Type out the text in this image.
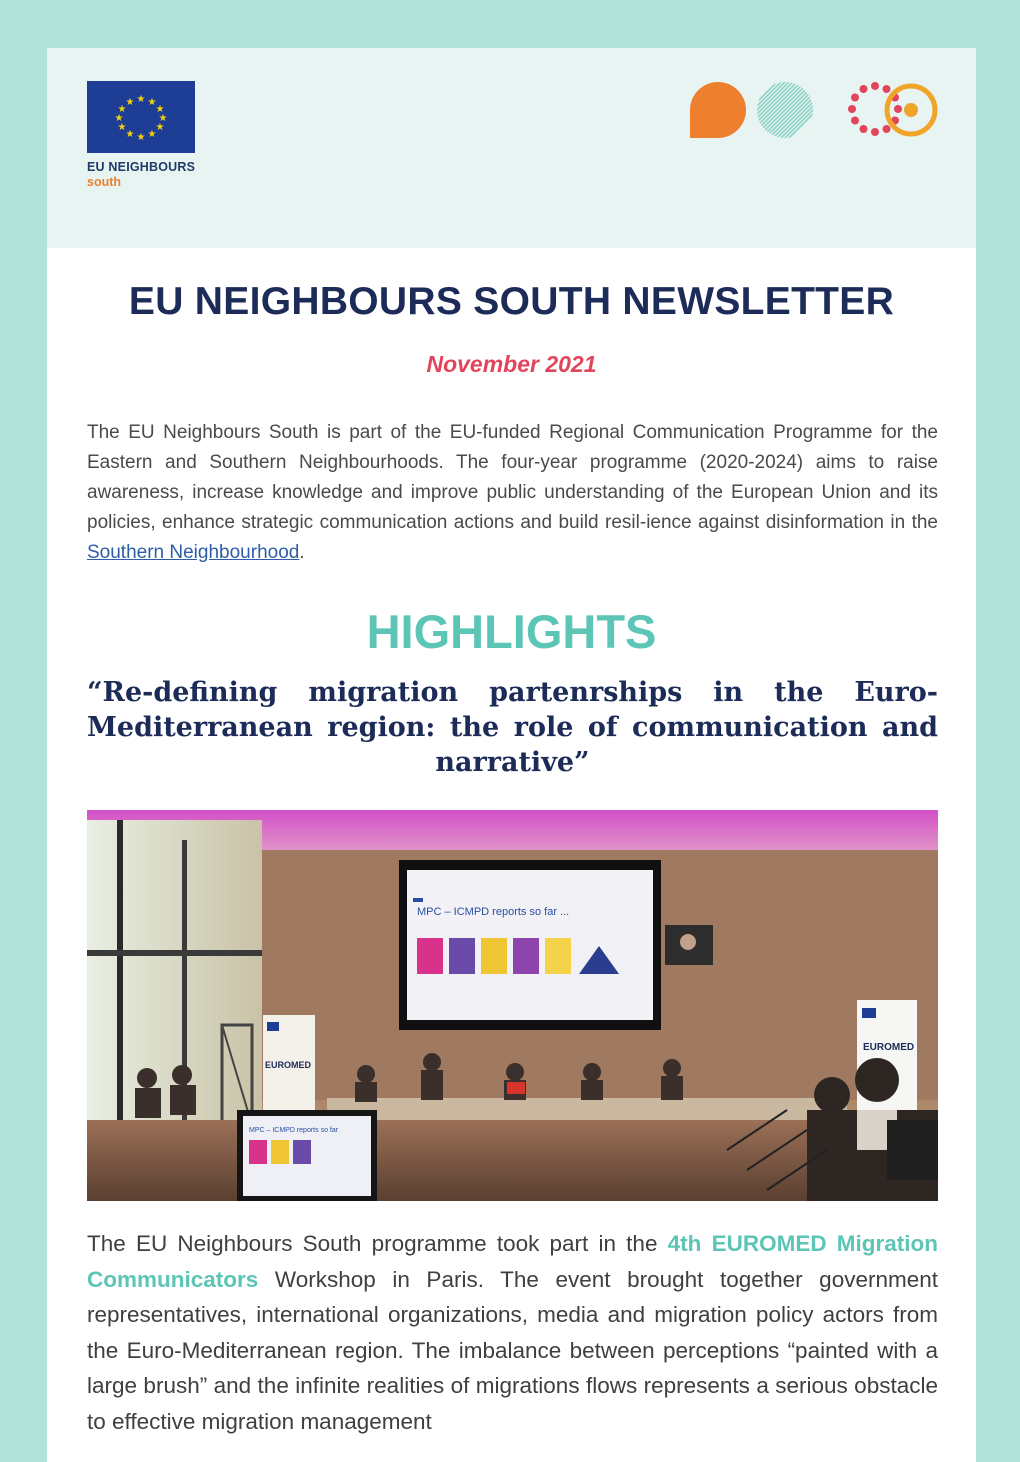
★ ★
★
★
★
★
★
★
★
★
★
★
EU NEIGHBOURS
south
EU NEIGHBOURS SOUTH NEWSLETTER
November 2021

The EU Neighbours South is part of the EU-funded Regional Communication Programme for the Eastern and Southern Neighbourhoods. The four-year programme (2020-2024) aims to raise awareness, increase knowledge and improve public understanding of the European Union and its policies, enhance strategic communication actions and build resil-ience against disinformation in the Southern Neighbourhood.

HIGHLIGHTS
“Re-defining migration partenrships in the Euro-Mediterranean region: the role of communication and narrative”
MPC – ICMPD reports so far ...
EUROMED
EUROMED
MPC – ICMPD reports so far

The EU Neighbours South programme took part in the 4th EUROMED Migration Communicators Workshop in Paris. The event brought together government representatives, international organizations, media and migration policy actors from the Euro-Mediterranean region. The imbalance between perceptions “painted with a large brush” and the infinite realities of migrations flows represents a serious obstacle to effective migration management
